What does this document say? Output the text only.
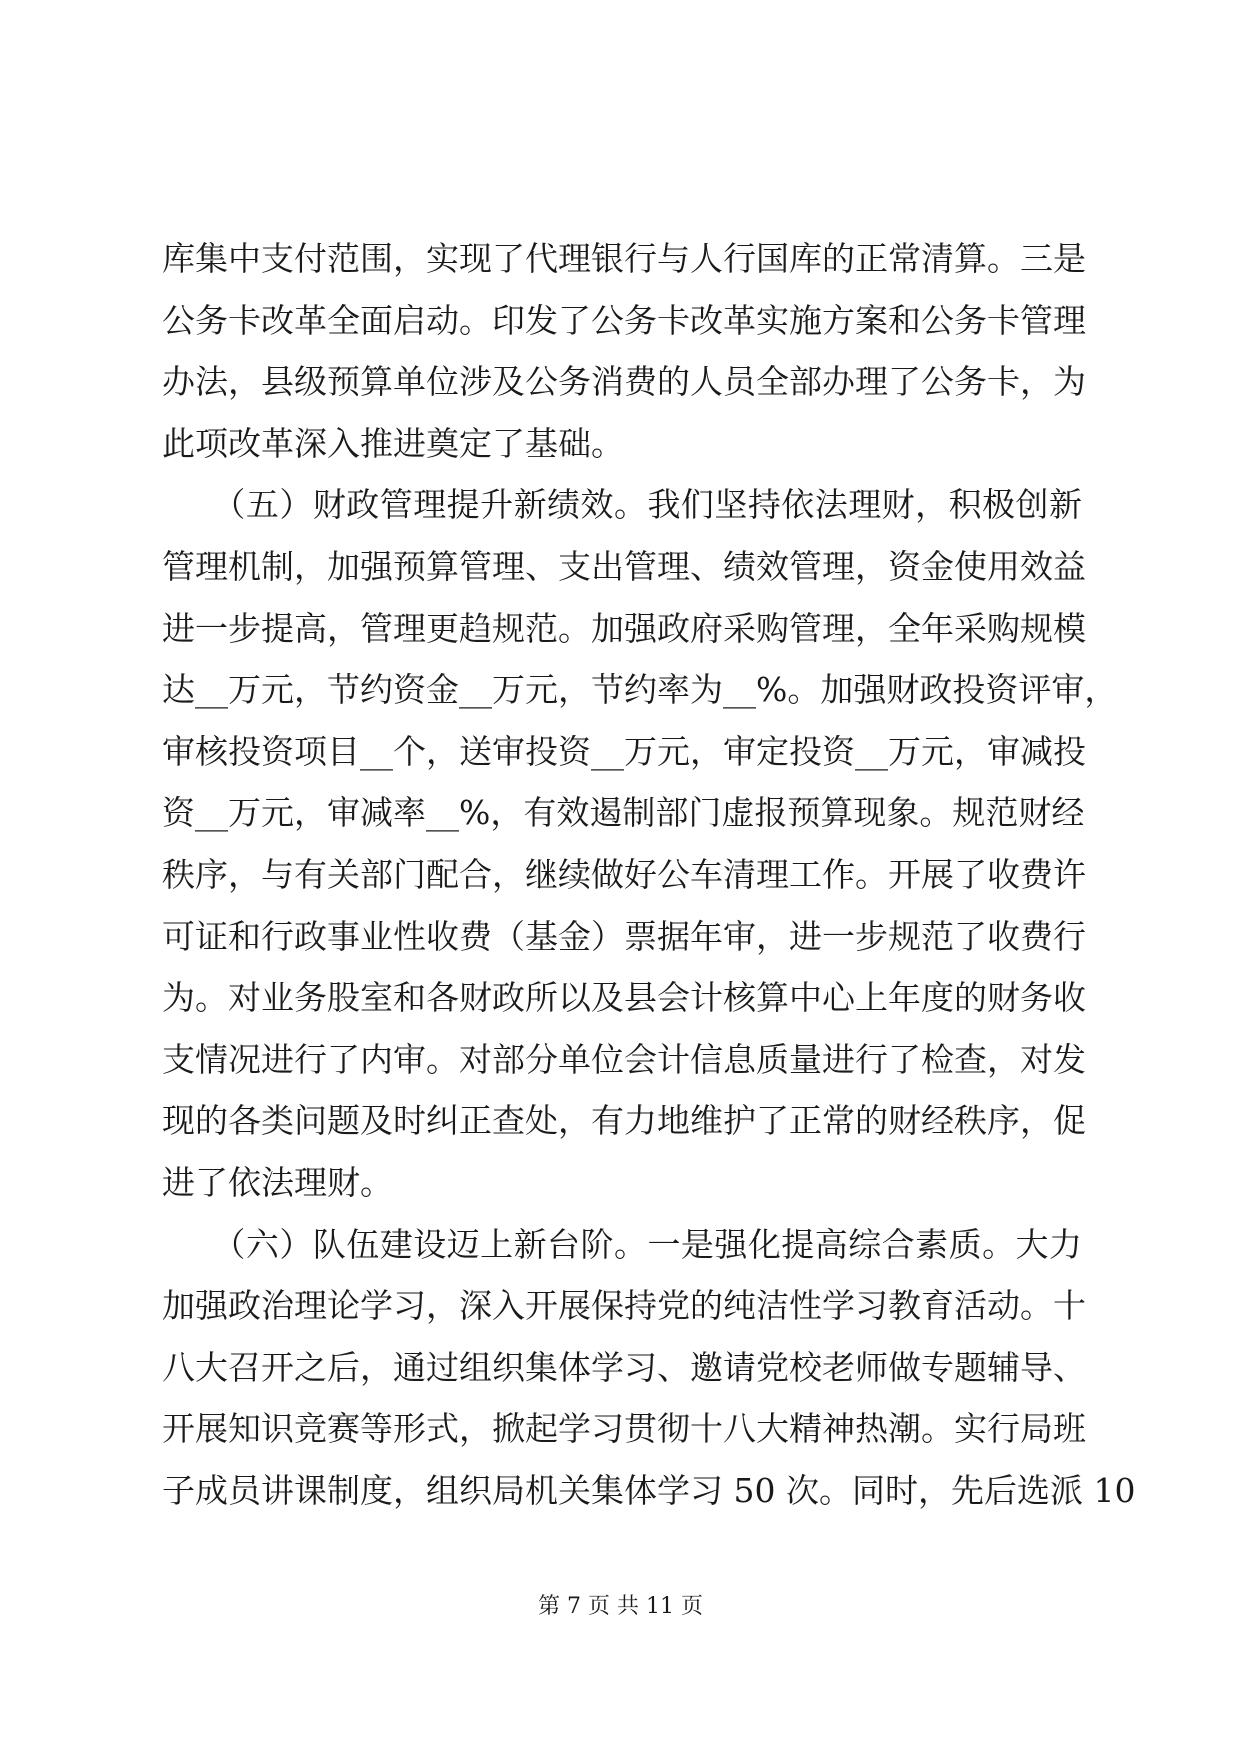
库集中支付范围，实现了代理银行与人行国库的正常清算。三是
公务卡改革全面启动。印发了公务卡改革实施方案和公务卡管理
办法，县级预算单位涉及公务消费的人员全部办理了公务卡，为
此项改革深入推进奠定了基础。
　　（五）财政管理提升新绩效。我们坚持依法理财，积极创新
管理机制，加强预算管理、支出管理、绩效管理，资金使用效益
进一步提高，管理更趋规范。加强政府采购管理，全年采购规模
达__万元，节约资金__万元，节约率为__%。加强财政投资评审，
审核投资项目__个，送审投资__万元，审定投资__万元，审减投
资__万元，审减率__%，有效遏制部门虚报预算现象。规范财经
秩序，与有关部门配合，继续做好公车清理工作。开展了收费许
可证和行政事业性收费（基金）票据年审，进一步规范了收费行
为。对业务股室和各财政所以及县会计核算中心上年度的财务收
支情况进行了内审。对部分单位会计信息质量进行了检查，对发
现的各类问题及时纠正查处，有力地维护了正常的财经秩序，促
进了依法理财。
　　（六）队伍建设迈上新台阶。一是强化提高综合素质。大力
加强政治理论学习，深入开展保持党的纯洁性学习教育活动。十
八大召开之后，通过组织集体学习、邀请党校老师做专题辅导、
开展知识竞赛等形式，掀起学习贯彻十八大精神热潮。实行局班
子成员讲课制度，组织局机关集体学习 50 次。同时，先后选派 10
第 7 页 共 11 页
